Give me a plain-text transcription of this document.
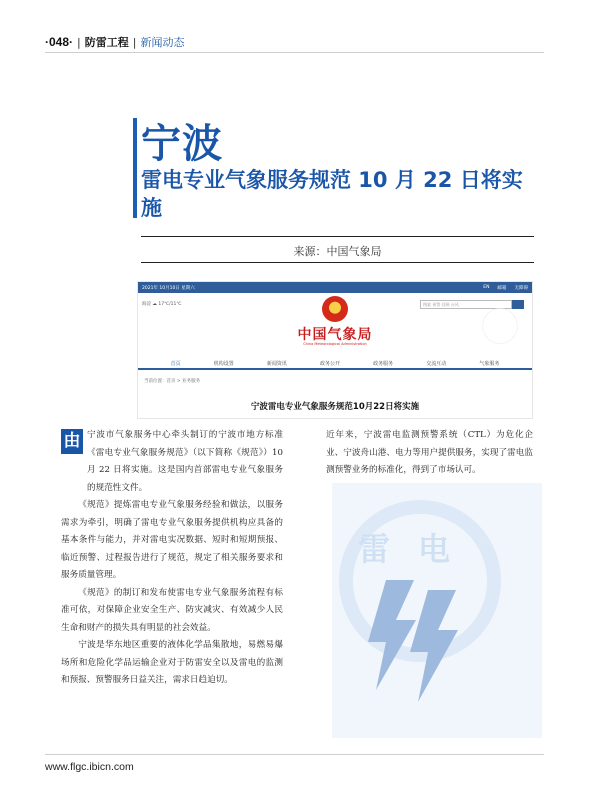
·048· | 防雷工程 | 新闻动态
宁波
雷电专业气象服务规范 10 月 22 日将实施
来源：中国气象局
2021年 10月10日 星期六	EN 邮箱 无障碍
海淀 ☁ 17℃/11℃	搜索 预警 回顾 台风
中国气象局
China Meteorological Administration
首页	机构设置	新闻资讯	政务公开	政务服务	交流互动	气象服务
当前位置：首页 > 业务服务
宁波雷电专业气象服务规范10月22日将实施
雷 电
由 宁波市气象服务中心牵头制订的宁波市地方标准《雷电专业气象服务规范》（以下简称《规范》）10 月 22 日将实施。这是国内首部雷电专业气象服务的规范性文件。

《规范》提炼雷电专业气象服务经验和做法，以服务需求为牵引，明确了雷电专业气象服务提供机构应具备的基本条件与能力，并对雷电实况数据、短时和短期预报、临近预警、过程报告进行了规范，规定了相关服务要求和服务质量管理。

《规范》的制订和发布使雷电专业气象服务流程有标准可依，对保障企业安全生产、防灾减灾、有效减少人民生命和财产的损失具有明显的社会效益。

宁波是华东地区重要的液体化学品集散地，易燃易爆场所和危险化学品运输企业对于防雷安全以及雷电的监测和预报、预警服务日益关注，需求日趋迫切。

近年来，宁波雷电监测预警系统（CTL）为危化企业、宁波舟山港、电力等用户提供服务，实现了雷电监测预警业务的标准化，得到了市场认可。

www.flgc.ibicn.com
